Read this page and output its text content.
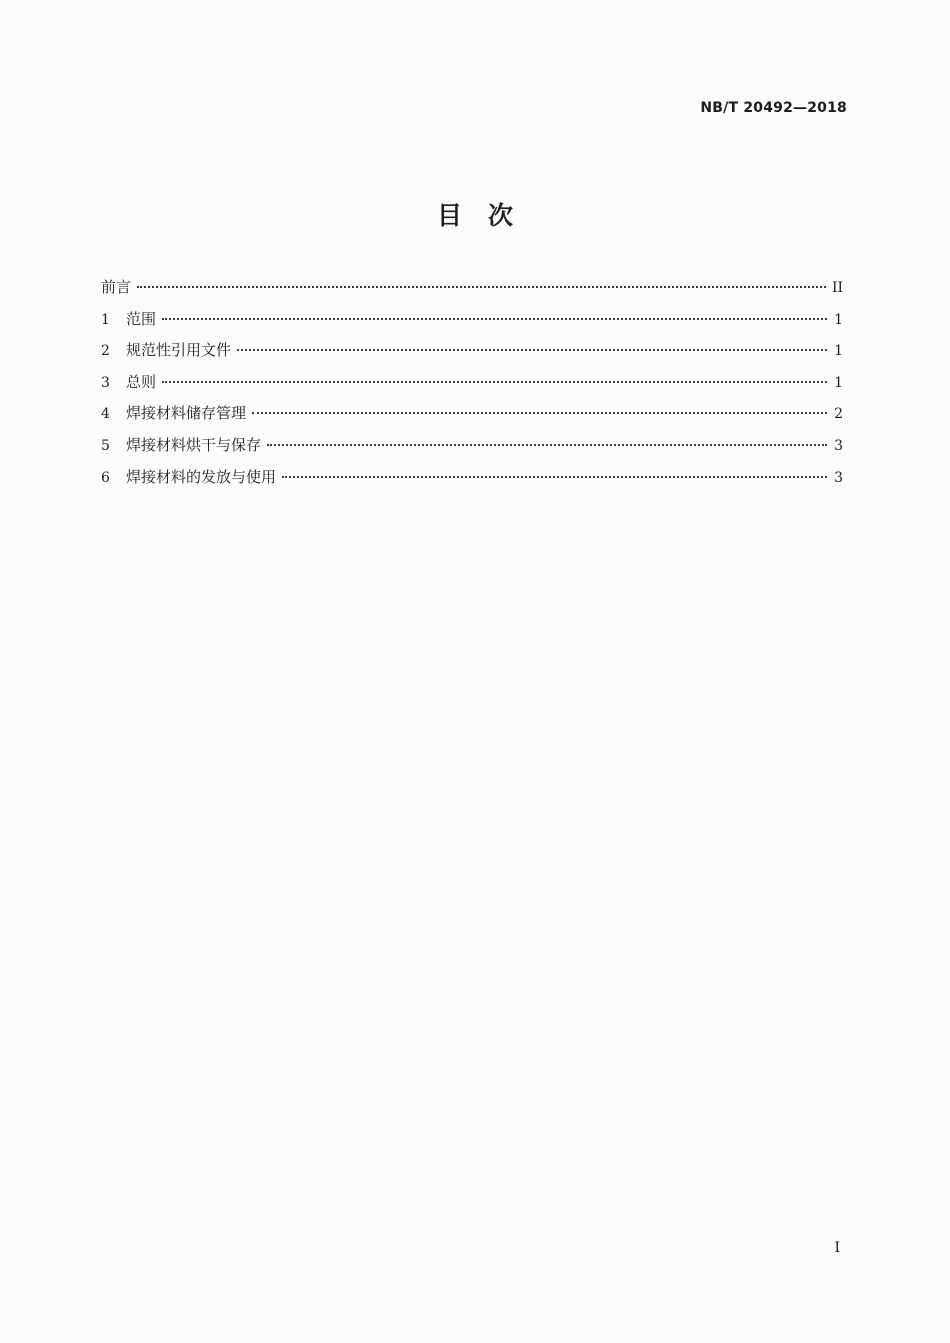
NB/T 20492—2018
目 次
前言	II
1	范围	1
2	规范性引用文件	1
3	总则	1
4	焊接材料储存管理	2
5	焊接材料烘干与保存	3
6	焊接材料的发放与使用	3
I
